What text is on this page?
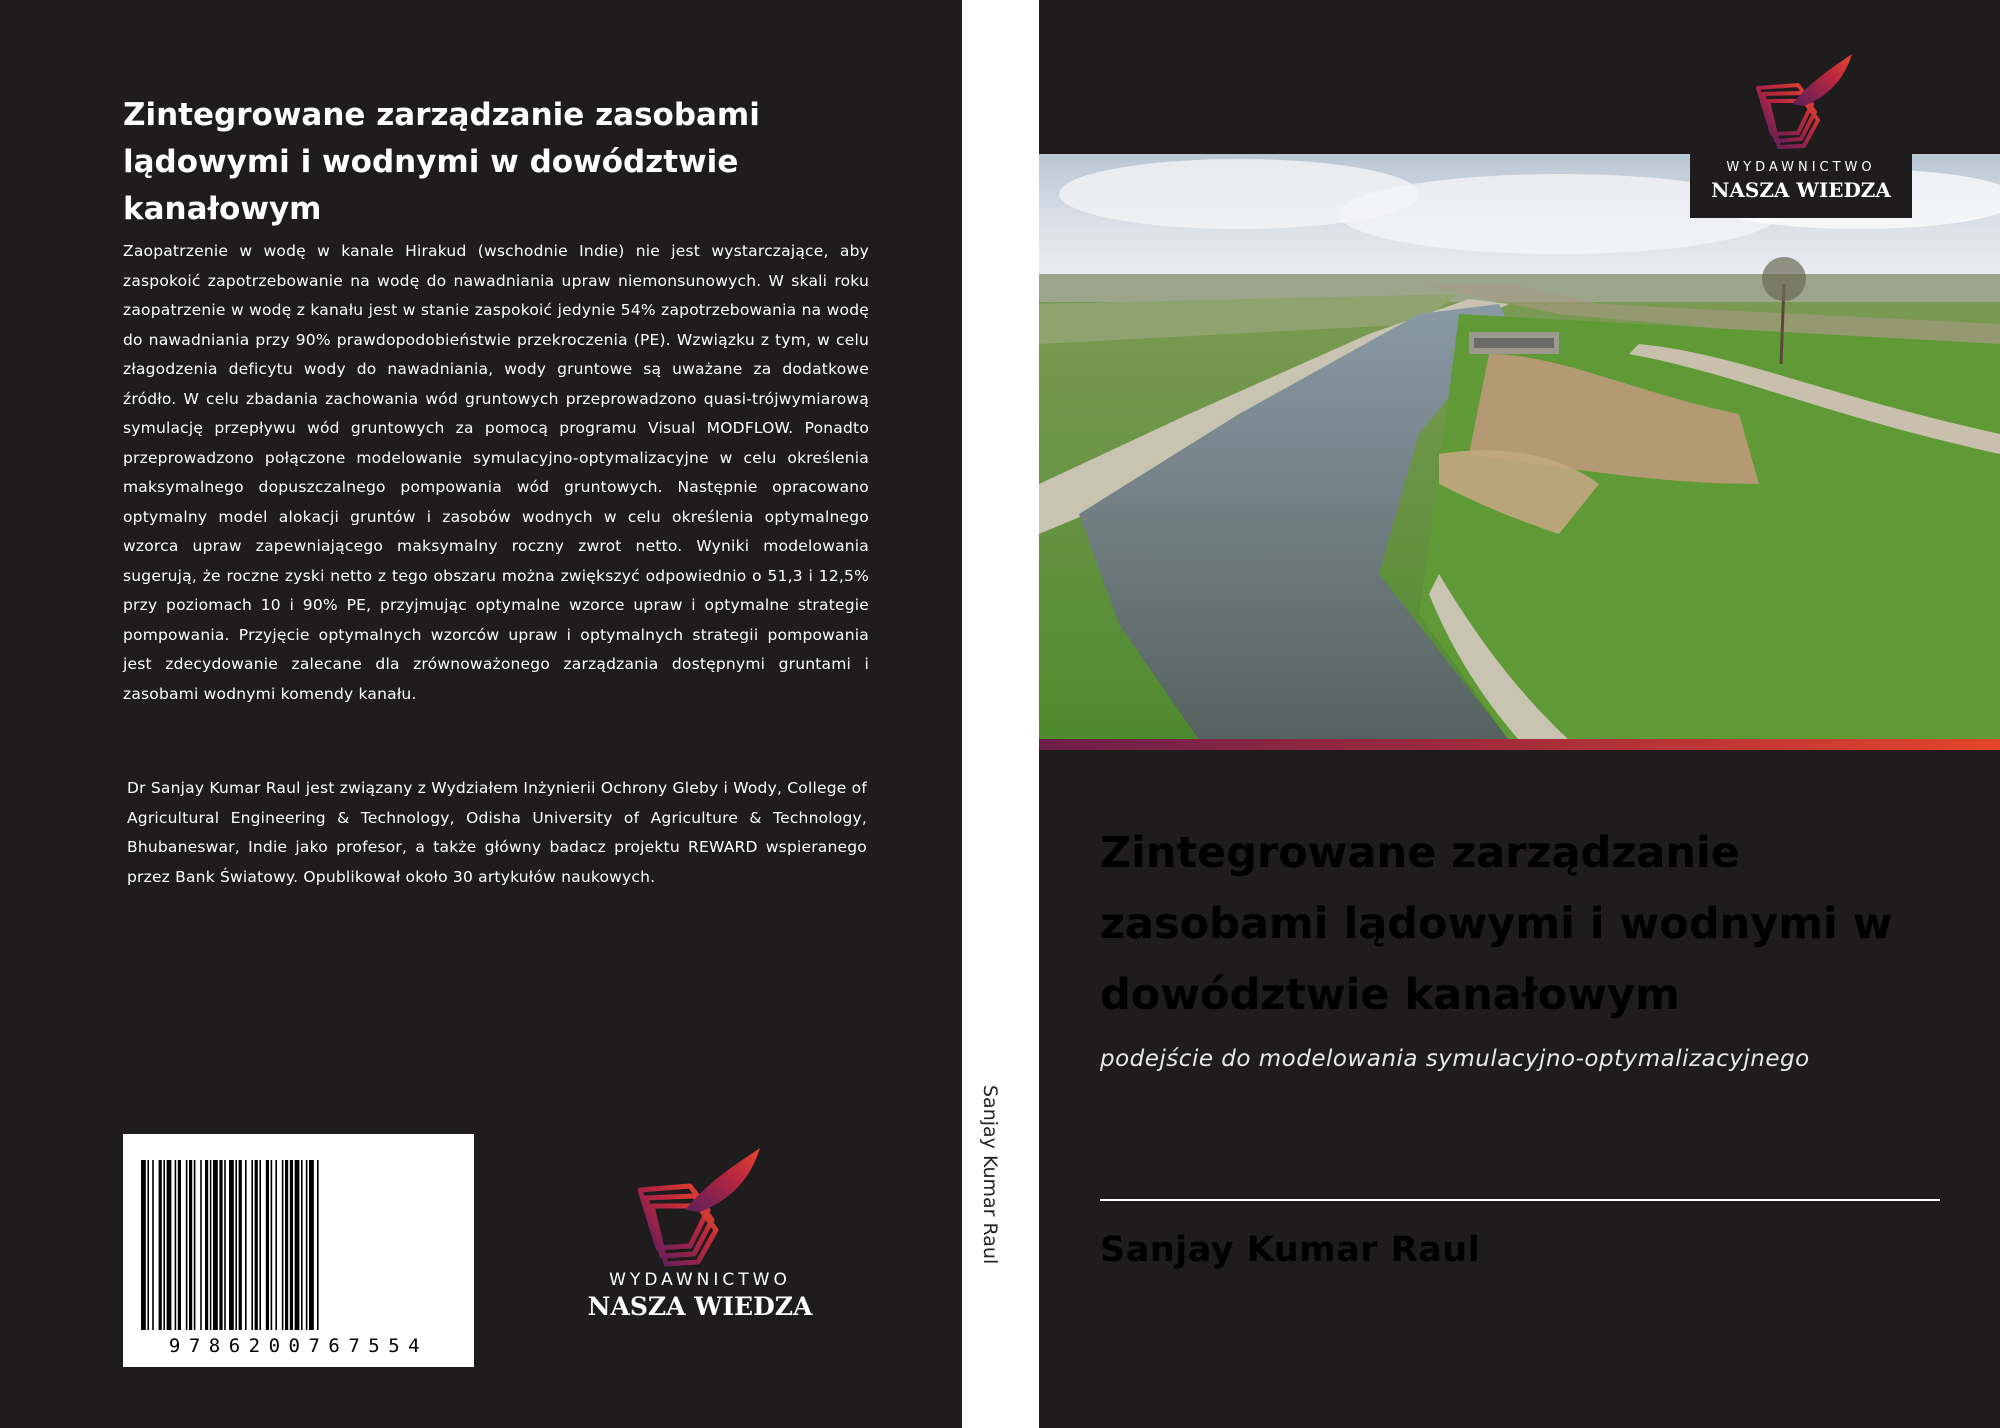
Zintegrowane zarządzanie zasobami lądowymi i wodnymi w dowództwie kanałowym

Zaopatrzenie w wodę w kanale Hirakud (wschodnie Indie) nie jest wystarczające, aby zaspokoić zapotrzebowanie na wodę do nawadniania upraw niemonsunowych. W skali roku zaopatrzenie w wodę z kanału jest w stanie zaspokoić jedynie 54% zapotrzebowania na wodę do nawadniania przy 90% prawdopodobieństwie przekroczenia (PE). Wzwiązku z tym, w celu złagodzenia deficytu wody do nawadniania, wody gruntowe są uważane za dodatkowe źródło. W celu zbadania zachowania wód gruntowych przeprowadzono quasi-trójwymiarową symulację przepływu wód gruntowych za pomocą programu Visual MODFLOW. Ponadto przeprowadzono połączone modelowanie symulacyjno-optymalizacyjne w celu określenia maksymalnego dopuszczalnego pompowania wód gruntowych. Następnie opracowano optymalny model alokacji gruntów i zasobów wodnych w celu określenia optymalnego wzorca upraw zapewniającego maksymalny roczny zwrot netto. Wyniki modelowania sugerują, że roczne zyski netto z tego obszaru można zwiększyć odpowiednio o 51,3 i 12,5% przy poziomach 10 i 90% PE, przyjmując optymalne wzorce upraw i optymalne strategie pompowania. Przyjęcie optymalnych wzorców upraw i optymalnych strategii pompowania jest zdecydowanie zalecane dla zrównoważonego zarządzania dostępnymi gruntami i zasobami wodnymi komendy kanału.

Dr Sanjay Kumar Raul jest związany z Wydziałem Inżynierii Ochrony Gleby i Wody, College of Agricultural Engineering & Technology, Odisha University of Agriculture & Technology, Bhubaneswar, Indie jako profesor, a także główny badacz projektu REWARD wspieranego przez Bank Światowy. Opublikował około 30 artykułów naukowych.

9786200767554
WYDAWNICTWO
NASZA WIEDZA
Sanjay Kumar Raul
WYDAWNICTWO
NASZA WIEDZA
Zintegrowane zarządzanie zasobami lądowymi i wodnymi w dowództwie kanałowym

podejście do modelowania symulacyjno-optymalizacyjnego

Sanjay Kumar Raul
